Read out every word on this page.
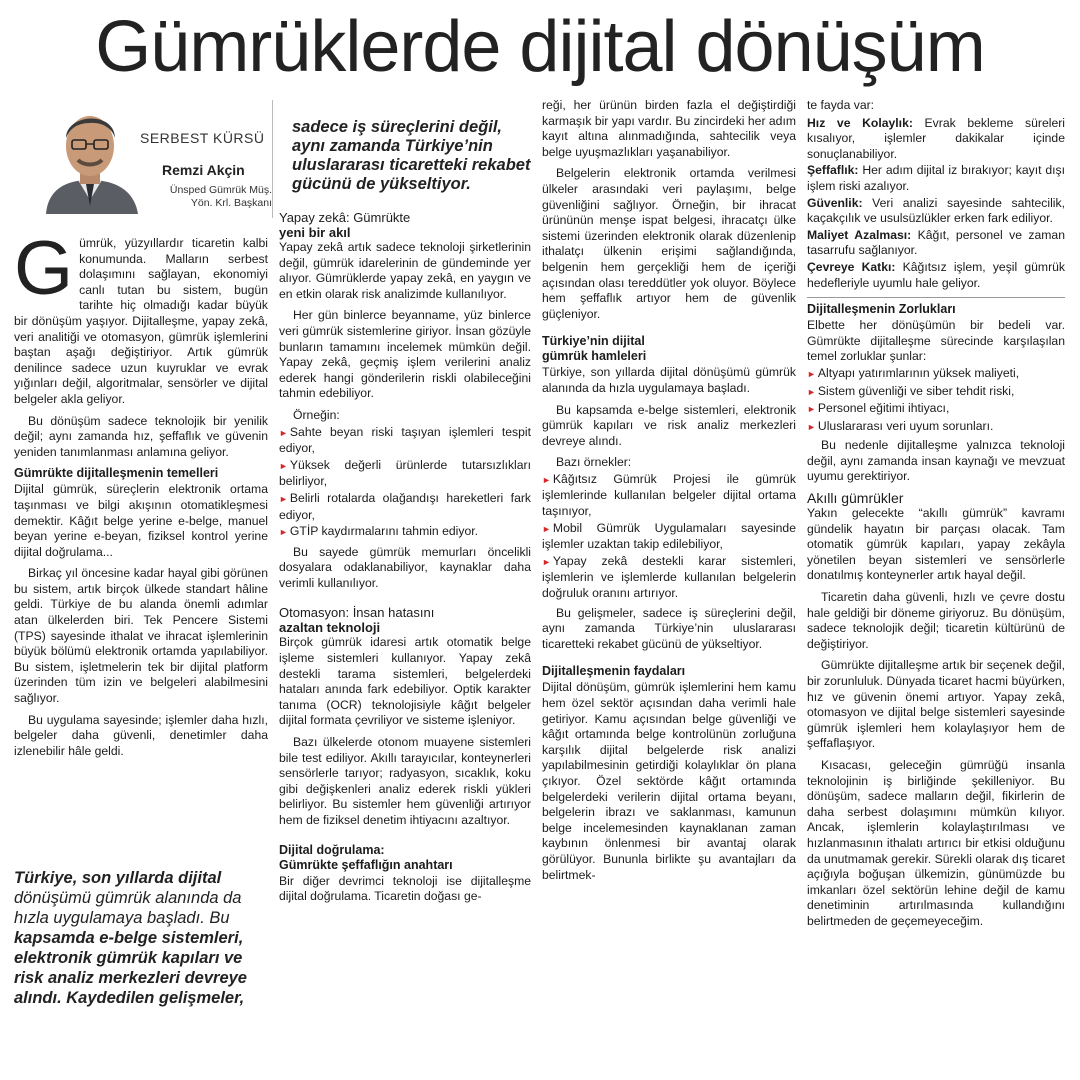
Gümrüklerde dijital dönüşüm
SERBEST KÜRSÜ
Remzi Akçin
Ünsped Gümrük Müş.
Yön. Krl. Başkanı
sadece iş süreçlerini değil, aynı zamanda Türkiye’nin uluslararası ticaretteki rekabet gücünü de yükseltiyor.

Gümrük, yüzyıllardır ticaretin kalbi konumunda. Malların serbest dolaşımını sağlayan, ekonomiyi canlı tutan bu sistem, bugün tarihte hiç olmadığı kadar büyük bir dönüşüm yaşıyor. Dijitalleşme, yapay zekâ, veri analitiği ve otomasyon, gümrük işlemlerini baştan aşağı değiştiriyor. Artık gümrük denilince sadece uzun kuyruklar ve evrak yığınları değil, algoritmalar, sensörler ve dijital belgeler akla geliyor.

Bu dönüşüm sadece teknolojik bir yenilik değil; aynı zamanda hız, şeffaflık ve güvenin yeniden tanımlanması anlamına geliyor.

Gümrükte dijitalleşmenin temelleri

Dijital gümrük, süreçlerin elektronik ortama taşınması ve bilgi akışının otomatikleşmesi demektir. Kâğıt belge yerine e-belge, manuel beyan yerine e-beyan, fiziksel kontrol yerine dijital doğrulama...

Birkaç yıl öncesine kadar hayal gibi görünen bu sistem, artık birçok ülkede standart hâline geldi. Türkiye de bu alanda önemli adımlar atan ülkelerden biri. Tek Pencere Sistemi (TPS) sayesinde ithalat ve ihracat işlemlerinin büyük bölümü elektronik ortamda yapılabiliyor. Bu sistem, işletmelerin tek bir dijital platform üzerinden tüm izin ve belgeleri alabilmesini sağlıyor.

Bu uygulama sayesinde; işlemler daha hızlı, belgeler daha güvenli, denetimler daha izlenebilir hâle geldi.

Türkiye, son yıllarda dijital dönüşümü gümrük alanında da hızla uygulamaya başladı. Bu kapsamda e-belge sistemleri, elektronik gümrük kapıları ve risk analiz merkezleri devreye alındı. Kaydedilen gelişmeler,
Yapay zekâ: Gümrükte
yeni bir akıl

Yapay zekâ artık sadece teknoloji şirketlerinin değil, gümrük idarelerinin de gündeminde yer alıyor. Gümrüklerde yapay zekâ, en yaygın ve en etkin olarak risk analizimde kullanılıyor.

Her gün binlerce beyanname, yüz binlerce veri gümrük sistemlerine giriyor. İnsan gözüyle bunların tamamını incelemek mümkün değil. Yapay zekâ, geçmiş işlem verilerini analiz ederek hangi gönderilerin riskli olabileceğini tahmin edebiliyor.

Örneğin:

► Sahte beyan riski taşıyan işlemleri tespit ediyor,

► Yüksek değerli ürünlerde tutarsızlıkları belirliyor,

► Belirli rotalarda olağandışı hareketleri fark ediyor,

► GTİP kaydırmalarını tahmin ediyor.

Bu sayede gümrük memurları öncelikli dosyalara odaklanabiliyor, kaynaklar daha verimli kullanılıyor.

Otomasyon: İnsan hatasını
azaltan teknoloji

Birçok gümrük idaresi artık otomatik belge işleme sistemleri kullanıyor. Yapay zekâ destekli tarama sistemleri, belgelerdeki hataları anında fark edebiliyor. Optik karakter tanıma (OCR) teknolojisiyle kâğıt belgeler dijital formata çevriliyor ve sisteme işleniyor.

Bazı ülkelerde otonom muayene sistemleri bile test ediliyor. Akıllı tarayıcılar, konteynerleri sensörlerle tarıyor; radyasyon, sıcaklık, koku gibi değişkenleri analiz ederek riskli yükleri belirliyor. Bu sistemler hem güvenliği artırıyor hem de fiziksel denetim ihtiyacını azaltıyor.

Dijital doğrulama:
Gümrükte şeffaflığın anahtarı

Bir diğer devrimci teknoloji ise dijitalleşme dijital doğrulama. Ticaretin doğası ge-

reği, her ürünün birden fazla el değiştirdiği karmaşık bir yapı vardır. Bu zincirdeki her adım kayıt altına alınmadığında, sahtecilik veya belge uyuşmazlıkları yaşanabiliyor.

Belgelerin elektronik ortamda verilmesi ülkeler arasındaki veri paylaşımı, belge güvenliğini sağlıyor. Örneğin, bir ihracat ürününün menşe ispat belgesi, ihracatçı ülke sistemi üzerinden elektronik olarak düzenlenip ithalatçı ülkenin erişimi sağlandığında, belgenin hem gerçekliği hem de içeriği açısından olası tereddütler yok oluyor. Böylece hem şeffaflık artıyor hem de güvenlik güçleniyor.

Türkiye’nin dijital
gümrük hamleleri

Türkiye, son yıllarda dijital dönüşümü gümrük alanında da hızla uygulamaya başladı.

Bu kapsamda e-belge sistemleri, elektronik gümrük kapıları ve risk analiz merkezleri devreye alındı.

Bazı örnekler:

► Kâğıtsız Gümrük Projesi ile gümrük işlemlerinde kullanılan belgeler dijital ortama taşınıyor,

► Mobil Gümrük Uygulamaları sayesinde işlemler uzaktan takip edilebiliyor,

► Yapay zekâ destekli karar sistemleri, işlemlerin ve işlemlerde kullanılan belgelerin doğruluk oranını artırıyor.

Bu gelişmeler, sadece iş süreçlerini değil, aynı zamanda Türkiye’nin uluslararası ticaretteki rekabet gücünü de yükseltiyor.

Dijitalleşmenin faydaları

Dijital dönüşüm, gümrük işlemlerini hem kamu hem özel sektör açısından daha verimli hale getiriyor. Kamu açısından belge güvenliği ve kâğıt ortamında belge kontrolünün zorluğuna karşılık dijital belgelerde risk analizi yapılabilmesinin getirdiği kolaylıklar ön plana çıkıyor. Özel sektörde kâğıt ortamında belgelerdeki verilerin dijital ortama beyanı, belgelerin ibrazı ve saklanması, kamunun belge incelemesinden kaynaklanan zaman kaybının önlenmesi bir avantaj olarak görülüyor. Bununla birlikte şu avantajları da belirtmek-

te fayda var:

Hız ve Kolaylık: Evrak bekleme süreleri kısalıyor, işlemler dakikalar içinde sonuçlanabiliyor.

Şeffaflık: Her adım dijital iz bırakıyor; kayıt dışı işlem riski azalıyor.

Güvenlik: Veri analizi sayesinde sahtecilik, kaçakçılık ve usulsüzlükler erken fark ediliyor.

Maliyet Azalması: Kâğıt, personel ve zaman tasarrufu sağlanıyor.

Çevreye Katkı: Kâğıtsız işlem, yeşil gümrük hedefleriyle uyumlu hale geliyor.

Dijitalleşmenin Zorlukları

Elbette her dönüşümün bir bedeli var. Gümrükte dijitalleşme sürecinde karşılaşılan temel zorluklar şunlar:

► Altyapı yatırımlarının yüksek maliyeti,

► Sistem güvenliği ve siber tehdit riski,

► Personel eğitimi ihtiyacı,

► Uluslararası veri uyum sorunları.

Bu nedenle dijitalleşme yalnızca teknoloji değil, aynı zamanda insan kaynağı ve mevzuat uyumu gerektiriyor.

Akıllı gümrükler

Yakın gelecekte “akıllı gümrük” kavramı gündelik hayatın bir parçası olacak. Tam otomatik gümrük kapıları, yapay zekâyla yönetilen beyan sistemleri ve sensörlerle donatılmış konteynerler artık hayal değil.

Ticaretin daha güvenli, hızlı ve çevre dostu hale geldiği bir döneme giriyoruz. Bu dönüşüm, sadece teknolojik değil; ticaretin kültürünü de değiştiriyor.

Gümrükte dijitalleşme artık bir seçenek değil, bir zorunluluk. Dünyada ticaret hacmi büyürken, hız ve güvenin önemi artıyor. Yapay zekâ, otomasyon ve dijital belge sistemleri sayesinde gümrük işlemleri hem kolaylaşıyor hem de şeffaflaşıyor.

Kısacası, geleceğin gümrüğü insanla teknolojinin iş birliğinde şekilleniyor. Bu dönüşüm, sadece malların değil, fikirlerin de daha serbest dolaşımını mümkün kılıyor. Ancak, işlemlerin kolaylaştırılması ve hızlanmasının ithalatı artırıcı bir etkisi olduğunu da unutmamak gerekir. Sürekli olarak dış ticaret açığıyla boğuşan ülkemizin, günümüzde bu imkanları özel sektörün lehine değil de kamu denetiminin artırılmasında kullandığını belirtmeden de geçemeyeceğim.
